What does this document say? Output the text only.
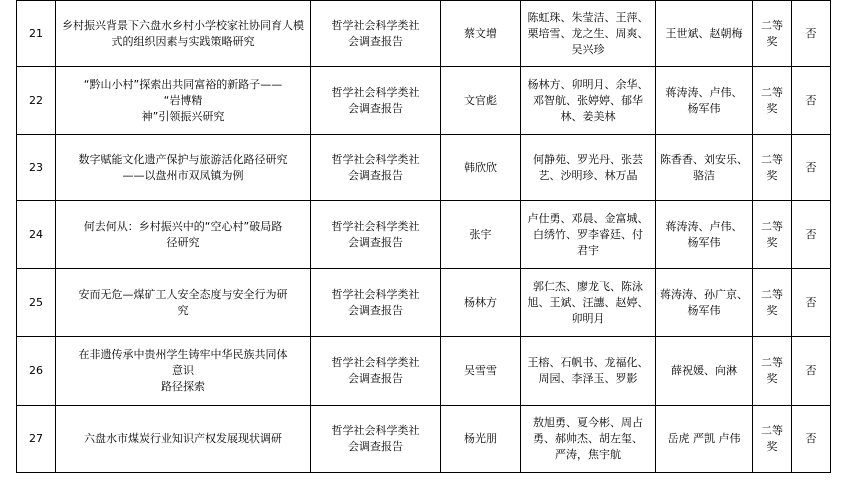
21	乡村振兴背景下六盘水乡村小学校家社协同育人模
式的组织因素与实践策略研究	哲学社会科学类社
会调查报告	蔡文增	陈虹珠、朱莹洁、王萍、
栗培雪、龙之生、周爽、
吴兴珍	王世斌、赵朝梅	二等
奖	否
22	“黔山小村”探索出共同富裕的新路子——
“岩博精
神”引领振兴研究	哲学社会科学类社
会调查报告	文官彪	杨林方、卯明月、余华、
邓智航、张婷婷、郁华
林、姜美林	蒋涛涛、卢伟、
杨军伟	二等
奖	否
23	数字赋能文化遗产保护与旅游活化路径研究
——以盘州市双凤镇为例	哲学社会科学类社
会调查报告	韩欣欣	何静苑、罗光丹、张芸
艺、沙明珍、林万晶	陈香香、刘安乐、
骆洁	二等
奖	否
24	何去何从：乡村振兴中的“空心村”破局路
径研究	哲学社会科学类社
会调查报告	张宇	卢仕勇、邓晨、金富城、
白绣竹、罗李睿廷、付
君宇	蒋涛涛、卢伟、
杨军伟	二等
奖	否
25	安而无危—煤矿工人安全态度与安全行为研
究	哲学社会科学类社
会调查报告	杨林方	郭仁杰、廖龙飞、陈泳
旭、王斌、汪譓、赵婷、
卯明月	蒋涛涛、孙广京、
杨军伟	二等
奖	否
26	在非遗传承中贵州学生铸牢中华民族共同体
意识
路径探索	哲学社会科学类社
会调查报告	吴雪雪	王榕、石帆书、龙福化、
周园、李泽玉、罗影	薛祝媛、向淋	二等
奖	否
27	六盘水市煤炭行业知识产权发展现状调研	哲学社会科学类社
会调查报告	杨光朋	敖旭勇、夏今彬、周占
勇、郝帅杰、胡左玺、
严涛，焦宇航	岳虎 严凯 卢伟	二等
奖	否
